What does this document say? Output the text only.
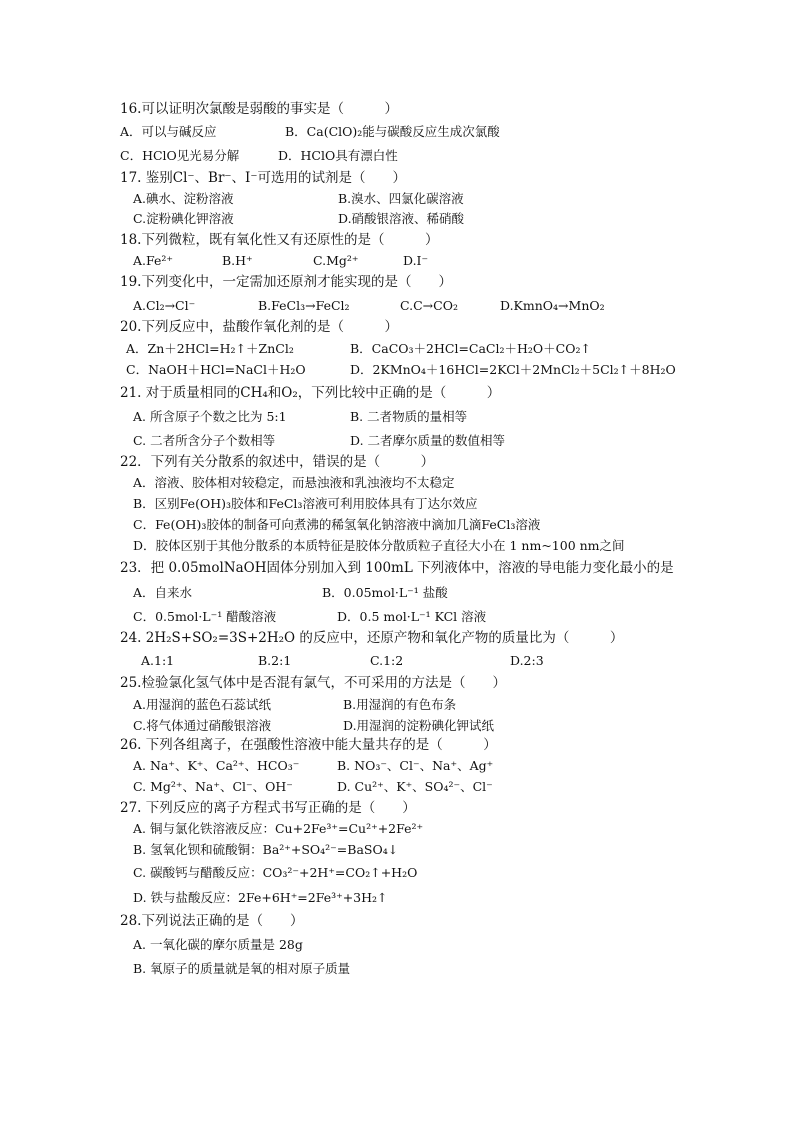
16.可以证明次氯酸是弱酸的事实是（　　　）
A．可以与碱反应	B．Ca(ClO)₂能与碳酸反应生成次氯酸
C．HClO见光易分解	D．HClO具有漂白性
17. 鉴别Cl⁻、Br⁻、I⁻可选用的试剂是（　　）
A.碘水、淀粉溶液	B.溴水、四氯化碳溶液
C.淀粉碘化钾溶液	D.硝酸银溶液、稀硝酸
18.下列微粒，既有氧化性又有还原性的是（　　　）
A.Fe²⁺	B.H⁺	C.Mg²⁺	D.I⁻
19.下列变化中，一定需加还原剂才能实现的是（　　）
A.Cl₂→Cl⁻	B.FeCl₃→FeCl₂	C.C→CO₂	D.KmnO₄→MnO₂
20.下列反应中，盐酸作氧化剂的是（　　　）
A．Zn＋2HCl=H₂↑＋ZnCl₂	B．CaCO₃＋2HCl=CaCl₂＋H₂O＋CO₂↑
C．NaOH＋HCl=NaCl＋H₂O	D．2KMnO₄＋16HCl=2KCl＋2MnCl₂＋5Cl₂↑＋8H₂O
21. 对于质量相同的CH₄和O₂，下列比较中正确的是（　　　）
A. 所含原子个数之比为 5:1	B. 二者物质的量相等
C. 二者所含分子个数相等	D. 二者摩尔质量的数值相等
22．下列有关分散系的叙述中，错误的是（　　　）
A．溶液、胶体相对较稳定，而悬浊液和乳浊液均不太稳定
B．区别Fe(OH)₃胶体和FeCl₃溶液可利用胶体具有丁达尔效应
C．Fe(OH)₃胶体的制备可向煮沸的稀氢氧化钠溶液中滴加几滴FeCl₃溶液
D．胶体区别于其他分散系的本质特征是胶体分散质粒子直径大小在 1 nm~100 nm之间
23．把 0.05molNaOH固体分别加入到 100mL 下列液体中，溶液的导电能力变化最小的是
A．自来水	B．0.05mol·L⁻¹ 盐酸
C．0.5mol·L⁻¹ 醋酸溶液	D．0.5 mol·L⁻¹ KCl 溶液
24. 2H₂S+SO₂=3S+2H₂O 的反应中，还原产物和氧化产物的质量比为（　　　）
A.1:1	B.2:1	C.1:2	D.2:3
25.检验氯化氢气体中是否混有氯气，不可采用的方法是（　　）
A.用湿润的蓝色石蕊试纸	B.用湿润的有色布条
C.将气体通过硝酸银溶液	D.用湿润的淀粉碘化钾试纸
26. 下列各组离子，在强酸性溶液中能大量共存的是（　　　）
A. Na⁺、K⁺、Ca²⁺、HCO₃⁻	B. NO₃⁻、Cl⁻、Na⁺、Ag⁺
C. Mg²⁺、Na⁺、Cl⁻、OH⁻	D. Cu²⁺、K⁺、SO₄²⁻、Cl⁻
27. 下列反应的离子方程式书写正确的是（　　）
A. 铜与氯化铁溶液反应：Cu+2Fe³⁺=Cu²⁺+2Fe²⁺
B. 氢氧化钡和硫酸铜：Ba²⁺+SO₄²⁻=BaSO₄↓
C. 碳酸钙与醋酸反应：CO₃²⁻+2H⁺=CO₂↑+H₂O
D. 铁与盐酸反应：2Fe+6H⁺=2Fe³⁺+3H₂↑
28.下列说法正确的是（　　）
A. 一氧化碳的摩尔质量是 28g
B. 氧原子的质量就是氧的相对原子质量
